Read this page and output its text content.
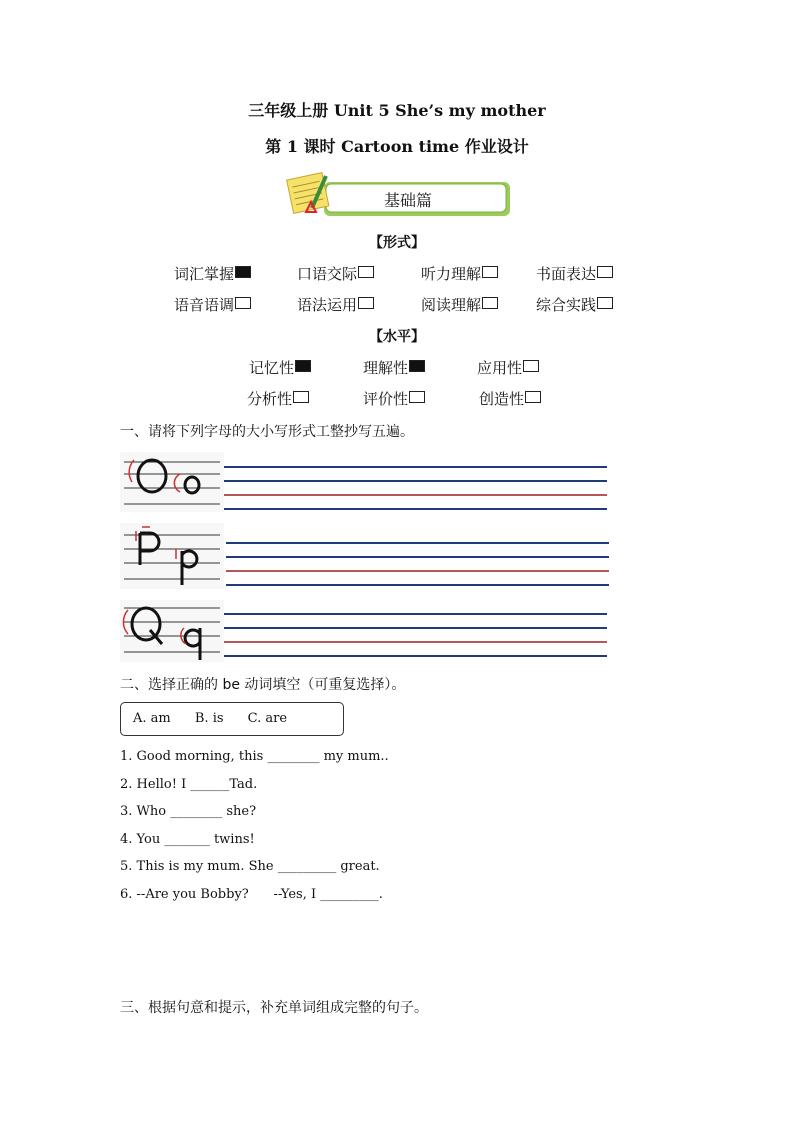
三年级上册 Unit 5 She’s my mother
第 1 课时 Cartoon time 作业设计
基础篇
【形式】
词汇掌握	口语交际	听力理解	书面表达
语音语调	语法运用	阅读理解	综合实践
【水平】
记忆性	理解性	应用性
分析性	评价性	创造性
一、请将下列字母的大小写形式工整抄写五遍。
二、选择正确的 be 动词填空（可重复选择）。
A. am B. is C. are
1. Good morning, this ________ my mum..
2. Hello! I ______Tad.
3. Who ________ she?
4. You _______ twins!
5. This is my mum. She _________ great.
6. --Are you Bobby?      --Yes, I _________.
三、根据句意和提示，补充单词组成完整的句子。
